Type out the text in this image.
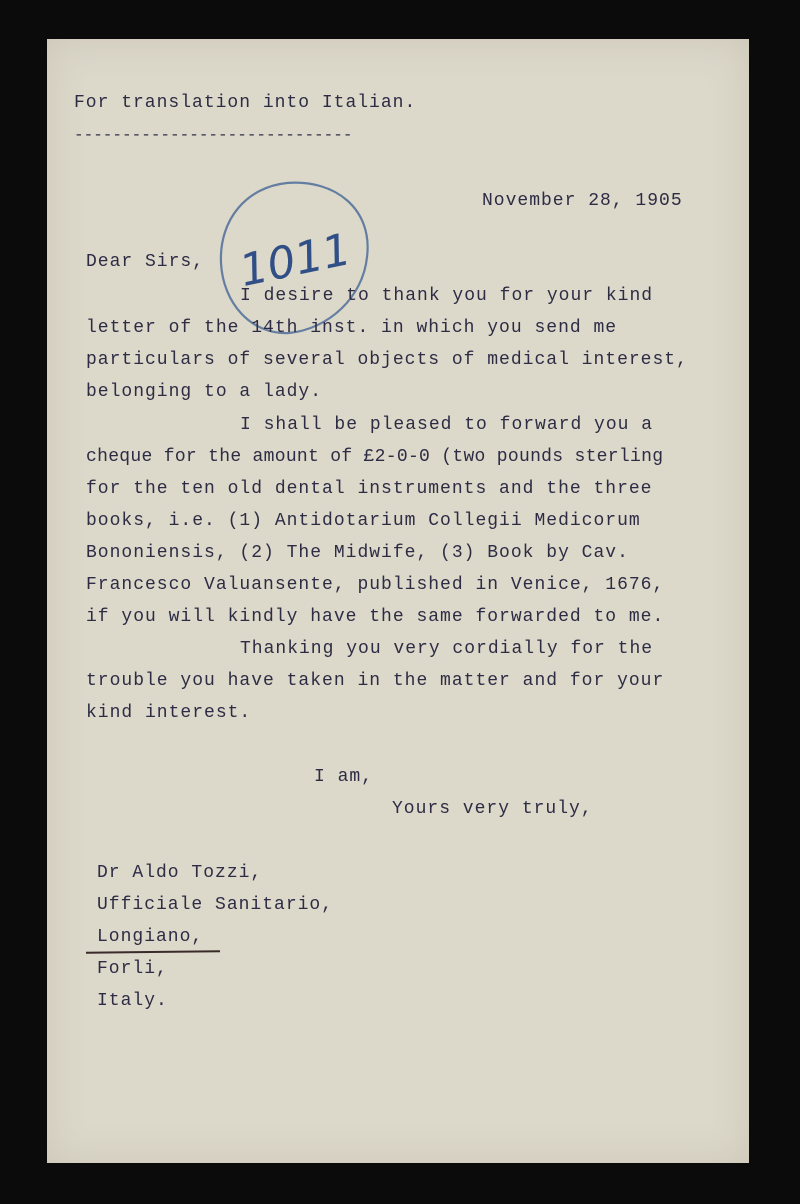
For translation into Italian.

-----------------------------

1011

November 28, 1905

Dear Sirs,

I desire to thank you for your kind

letter of the 14th inst. in which you send me

particulars of several objects of medical interest,

belonging to a lady.

I shall be pleased to forward you a

cheque for the amount of £2-0-0 (two pounds sterling

for the ten old dental instruments and the three

books, i.e. (1) Antidotarium Collegii Medicorum

Bononiensis, (2) The Midwife, (3) Book by Cav.

Francesco Valuansente, published in Venice, 1676,

if you will kindly have the same forwarded to me.

Thanking you very cordially for the

trouble you have taken in the matter and for your

kind interest.

I am,

Yours very truly,

Dr Aldo Tozzi,

Ufficiale Sanitario,

Longiano,

Forli,

Italy.
